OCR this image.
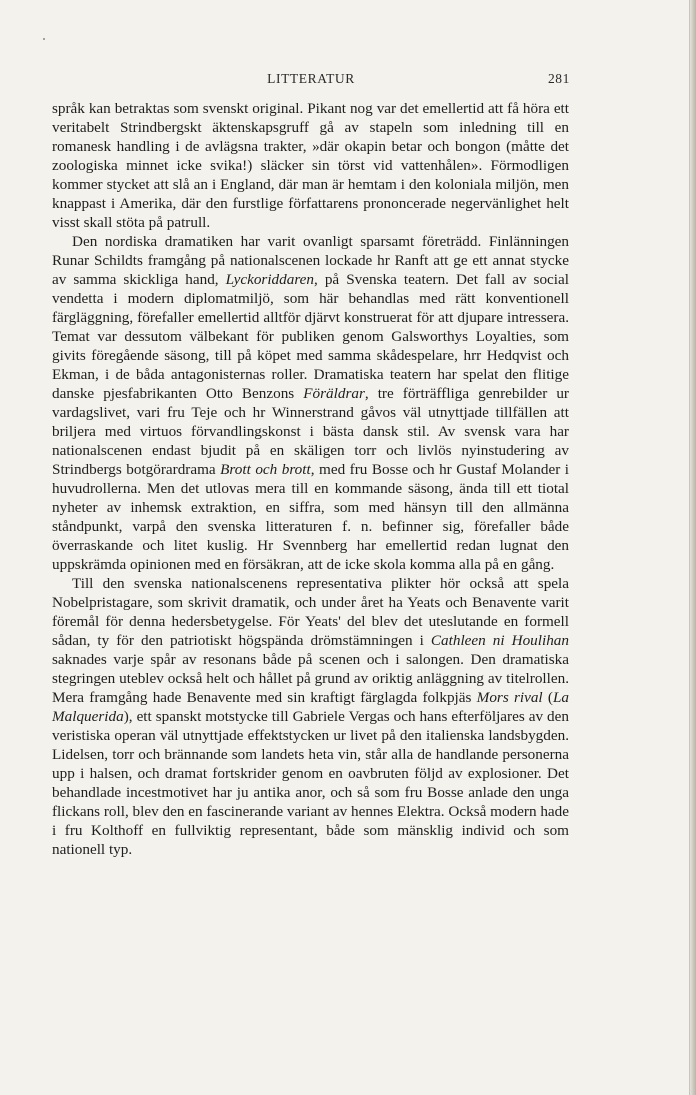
LITTERATUR	281

språk kan betraktas som svenskt original. Pikant nog var det emellertid att få höra ett veritabelt Strindbergskt äktenskapsgruff gå av stapeln som inledning till en romanesk handling i de avlägsna trakter, »där okapin betar och bongon (måtte det zoologiska minnet icke svika!) släcker sin törst vid vattenhålen». Förmodligen kommer stycket att slå an i England, där man är hemtam i den koloniala miljön, men knappast i Amerika, där den furstlige författarens prononcerade negervänlighet helt visst skall stöta på patrull.

Den nordiska dramatiken har varit ovanligt sparsamt företrädd. Finlänningen Runar Schildts framgång på nationalscenen lockade hr Ranft att ge ett annat stycke av samma skickliga hand, Lyckoriddaren, på Svenska teatern. Det fall av social vendetta i modern diplomatmiljö, som här behandlas med rätt konventionell färgläggning, förefaller emellertid alltför djärvt konstruerat för att djupare intressera. Temat var dessutom välbekant för publiken genom Galsworthys Loyalties, som givits föregående säsong, till på köpet med samma skådespelare, hrr Hedqvist och Ekman, i de båda antagonisternas roller. Dramatiska teatern har spelat den flitige danske pjesfabrikanten Otto Benzons Föräldrar, tre förträffliga genrebilder ur vardagslivet, vari fru Teje och hr Winnerstrand gåvos väl utnyttjade tillfällen att briljera med virtuos förvandlingskonst i bästa dansk stil. Av svensk vara har nationalscenen endast bjudit på en skäligen torr och livlös nyinstudering av Strindbergs botgörardrama Brott och brott, med fru Bosse och hr Gustaf Molander i huvudrollerna. Men det utlovas mera till en kommande säsong, ända till ett tiotal nyheter av inhemsk extraktion, en siffra, som med hänsyn till den allmänna ståndpunkt, varpå den svenska litteraturen f. n. befinner sig, förefaller både överraskande och litet kuslig. Hr Svennberg har emellertid redan lugnat den uppskrämda opinionen med en försäkran, att de icke skola komma alla på en gång.

Till den svenska nationalscenens representativa plikter hör också att spela Nobelpristagare, som skrivit dramatik, och under året ha Yeats och Benavente varit föremål för denna hedersbetygelse. För Yeats' del blev det uteslutande en formell sådan, ty för den patriotiskt högspända drömstämningen i Cathleen ni Houlihan saknades varje spår av resonans både på scenen och i salongen. Den dramatiska stegringen uteblev också helt och hållet på grund av oriktig anläggning av titelrollen. Mera framgång hade Benavente med sin kraftigt färglagda folkpjäs Mors rival (La Malquerida), ett spanskt motstycke till Gabriele Vergas och hans efterföljares av den veristiska operan väl utnyttjade effektstycken ur livet på den italienska landsbygden. Lidelsen, torr och brännande som landets heta vin, står alla de handlande personerna upp i halsen, och dramat fortskrider genom en oavbruten följd av explosioner. Det behandlade incestmotivet har ju antika anor, och så som fru Bosse anlade den unga flickans roll, blev den en fascinerande variant av hennes Elektra. Också modern hade i fru Kolthoff en fullviktig representant, både som mänsklig individ och som nationell typ.
